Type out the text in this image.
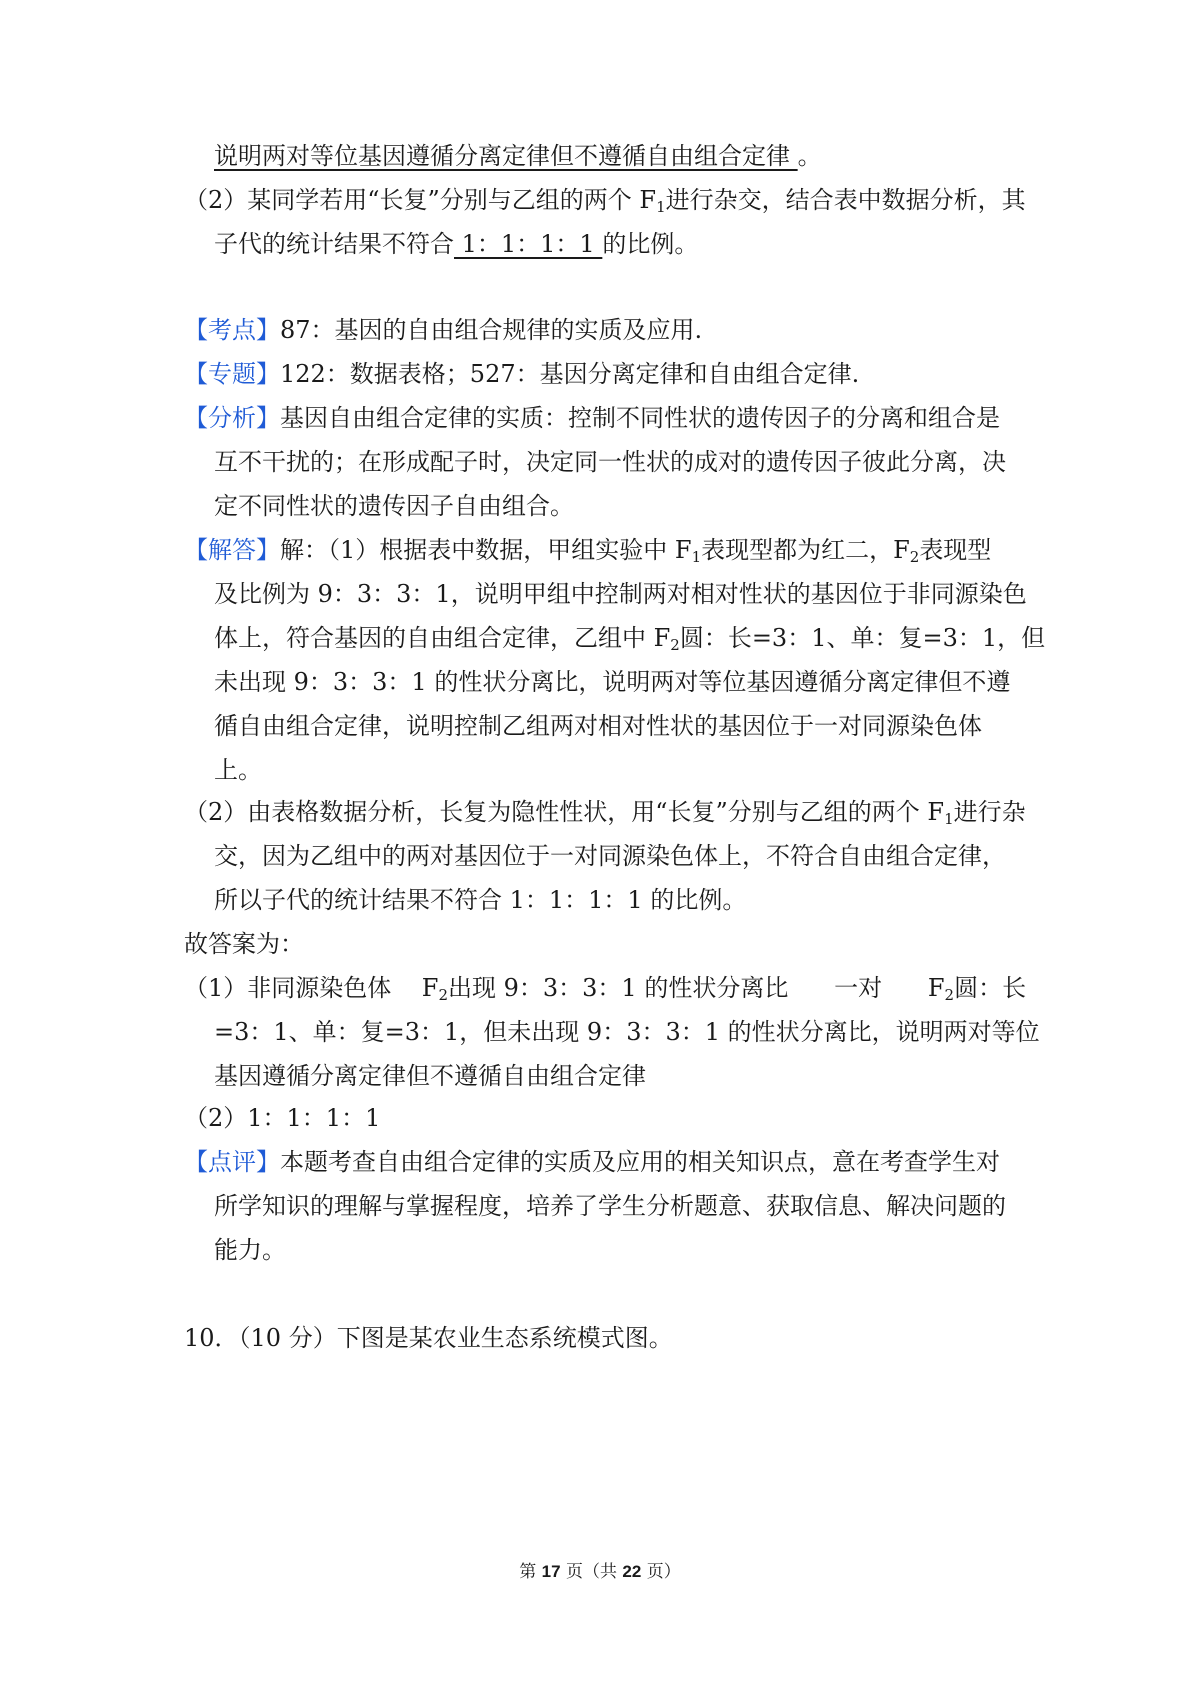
说明两对等位基因遵循分离定律但不遵循自由组合定律 。
（2）某同学若用“长复”分别与乙组的两个 $F_1$进行杂交，结合表中数据分析，其
子代的统计结果不符合 1：1：1：1 的比例。
【考点】87：基因的自由组合规律的实质及应用.
【专题】122：数据表格；527：基因分离定律和自由组合定律.
【分析】基因自由组合定律的实质：控制不同性状的遗传因子的分离和组合是
互不干扰的；在形成配子时，决定同一性状的成对的遗传因子彼此分离，决
定不同性状的遗传因子自由组合。
【解答】解：（1）根据表中数据，甲组实验中 $F_1$表现型都为红二，$F_2$表现型
及比例为 9：3：3：1，说明甲组中控制两对相对性状的基因位于非同源染色
体上，符合基因的自由组合定律，乙组中 $F_2$圆：长=3：1、单：复=3：1，但
未出现 9：3：3：1 的性状分离比，说明两对等位基因遵循分离定律但不遵
循自由组合定律，说明控制乙组两对相对性状的基因位于一对同源染色体
上。
（2）由表格数据分析，长复为隐性性状，用“长复”分别与乙组的两个 $F_1$进行杂
交，因为乙组中的两对基因位于一对同源染色体上，不符合自由组合定律，
所以子代的统计结果不符合 1：1：1：1 的比例。
故答案为：
（1）非同源染色体    $F_2$出现 9：3：3：1 的性状分离比      一对      $F_2$圆：长
=3：1、单：复=3：1，但未出现 9：3：3：1 的性状分离比，说明两对等位
基因遵循分离定律但不遵循自由组合定律
（2）1：1：1：1
【点评】本题考查自由组合定律的实质及应用的相关知识点，意在考查学生对
所学知识的理解与掌握程度，培养了学生分析题意、获取信息、解决问题的
能力。
10．（10 分）下图是某农业生态系统模式图。
第 17 页（共 22 页）
